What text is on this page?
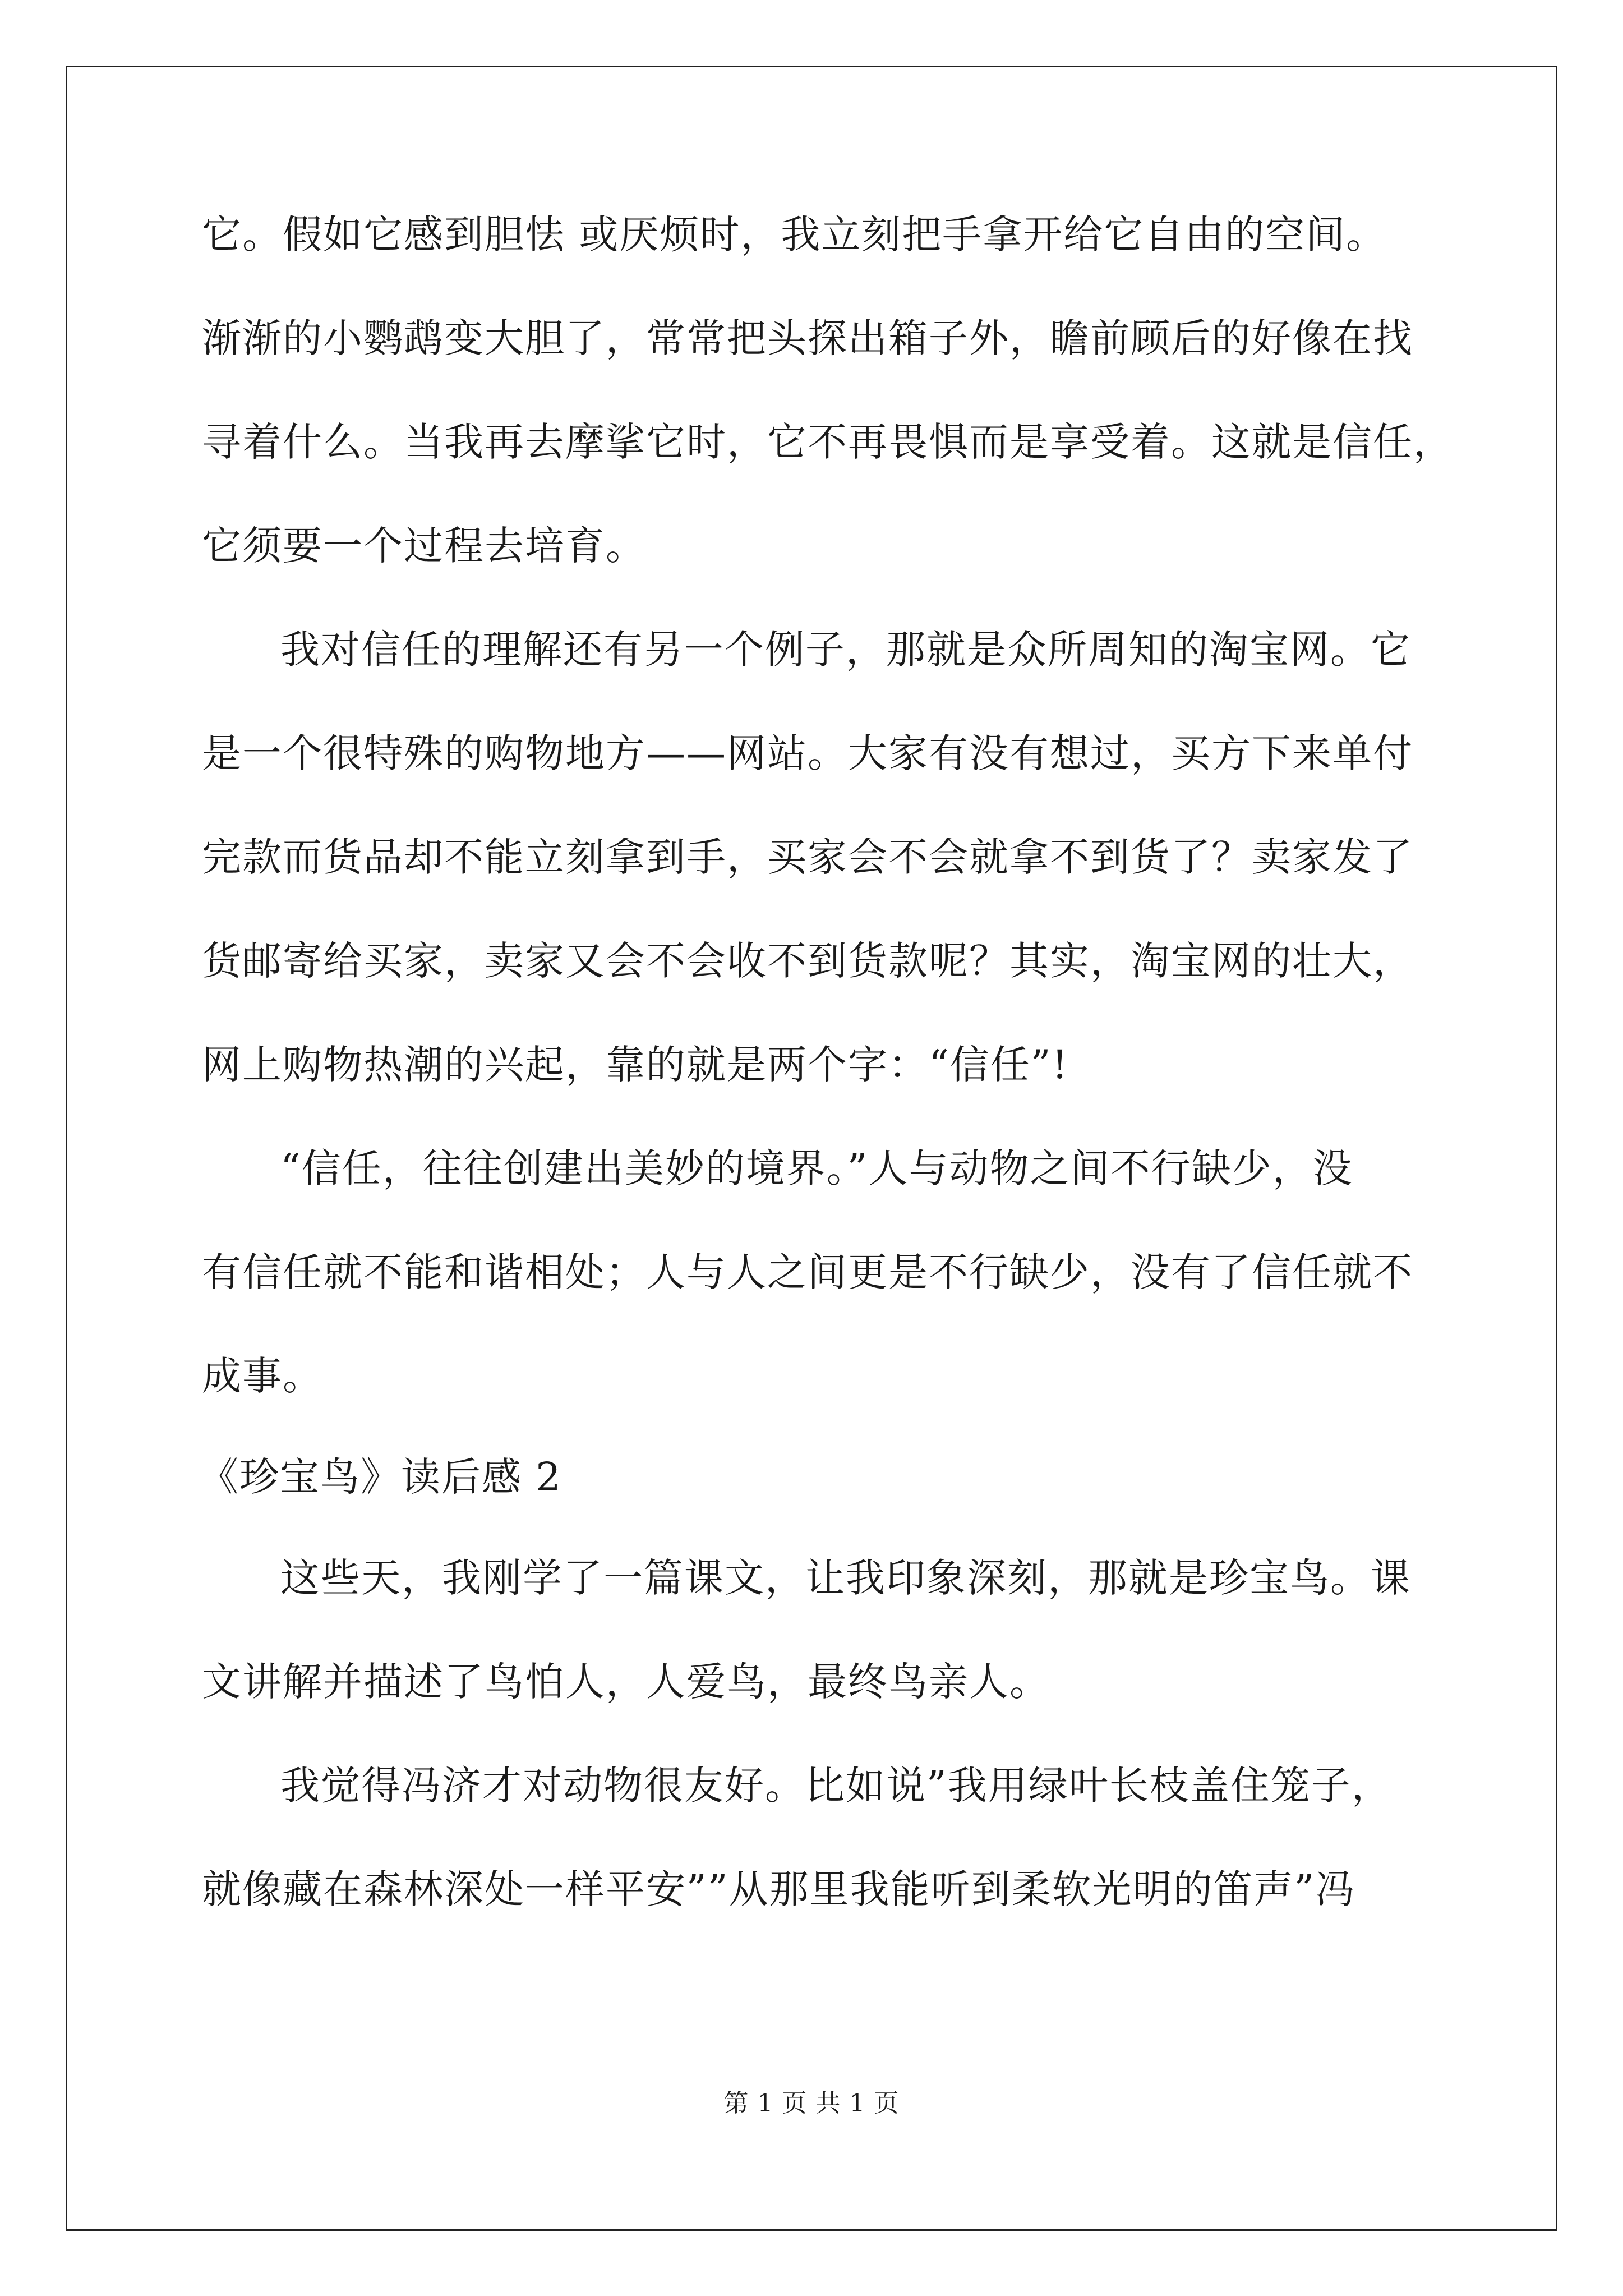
它。假如它感到胆怯 或厌烦时，我立刻把手拿开给它自由的空间。
渐渐的小鹦鹉变大胆了，常常把头探出箱子外，瞻前顾后的好像在找
寻着什么。当我再去摩挲它时，它不再畏惧而是享受着。这就是信任，
它须要一个过程去培育。
我对信任的理解还有另一个例子，那就是众所周知的淘宝网。它
是一个很特殊的购物地方——网站。大家有没有想过，买方下来单付
完款而货品却不能立刻拿到手，买家会不会就拿不到货了？卖家发了
货邮寄给买家，卖家又会不会收不到货款呢？其实，淘宝网的壮大，
网上购物热潮的兴起，靠的就是两个字：“信任”!
“信任，往往创建出美妙的境界。”人与动物之间不行缺少，没
有信任就不能和谐相处；人与人之间更是不行缺少，没有了信任就不
成事。
《珍宝鸟》读后感 2
这些天，我刚学了一篇课文，让我印象深刻，那就是珍宝鸟。课
文讲解并描述了鸟怕人，人爱鸟，最终鸟亲人。
我觉得冯济才对动物很友好。比如说”我用绿叶长枝盖住笼子，
就像藏在森林深处一样平安””从那里我能听到柔软光明的笛声”冯
第 1 页 共 1 页
